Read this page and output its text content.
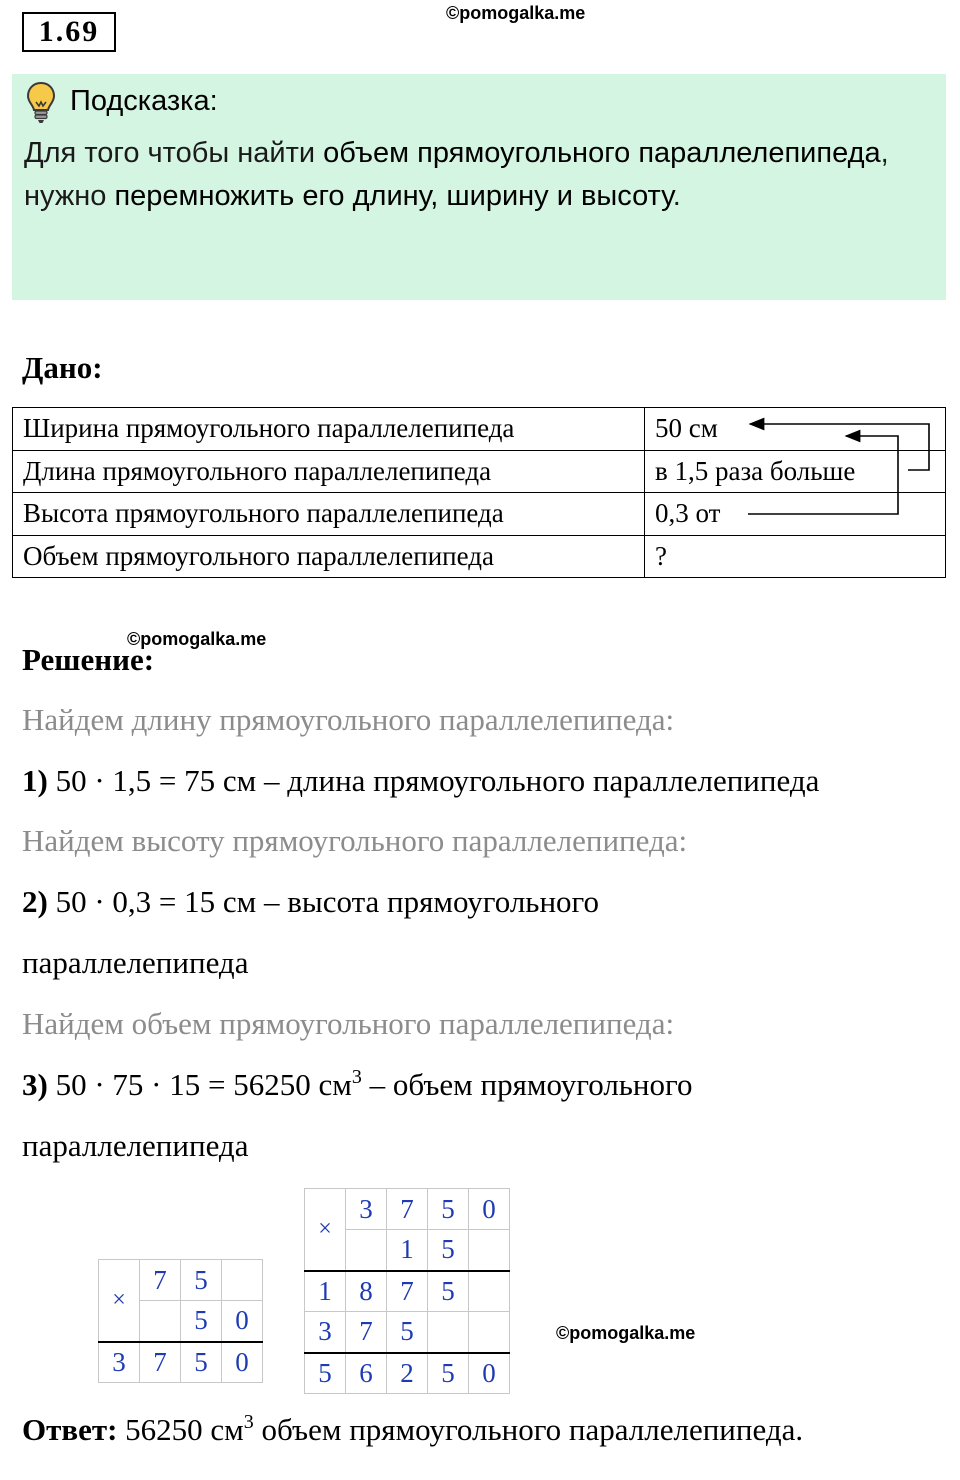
1.69
©pomogalka.me
©pomogalka.me
©pomogalka.me
Подсказка:
Для того чтобы найти объем прямоугольного параллелепипеда, нужно перемножить его длину, ширину и высоту.
Дано:
Ширина прямоугольного параллелепипеда	50 см
Длина прямоугольного параллелепипеда	в 1,5 раза больше
Высота прямоугольного параллелепипеда	0,3 от
Объем прямоугольного параллелепипеда	?
Решение:
Найдем длину прямоугольного параллелепипеда:
1) 50 · 1,5 = 75 см – длина прямоугольного параллелепипеда
Найдем высоту прямоугольного параллелепипеда:
2) 50 · 0,3 = 15 см – высота прямоугольного
параллелепипеда
Найдем объем прямоугольного параллелепипеда:
3) 50 · 75 · 15 = 56250 $см^3$ – объем прямоугольного
параллелепипеда
×	7	5	
		5	0
3	7	5	0
×	3	7	5	0
		1	5	
1	8	7	5	
3	7	5		
5	6	2	5	0
Ответ: 56250 $см^3$ объем прямоугольного параллелепипеда.
